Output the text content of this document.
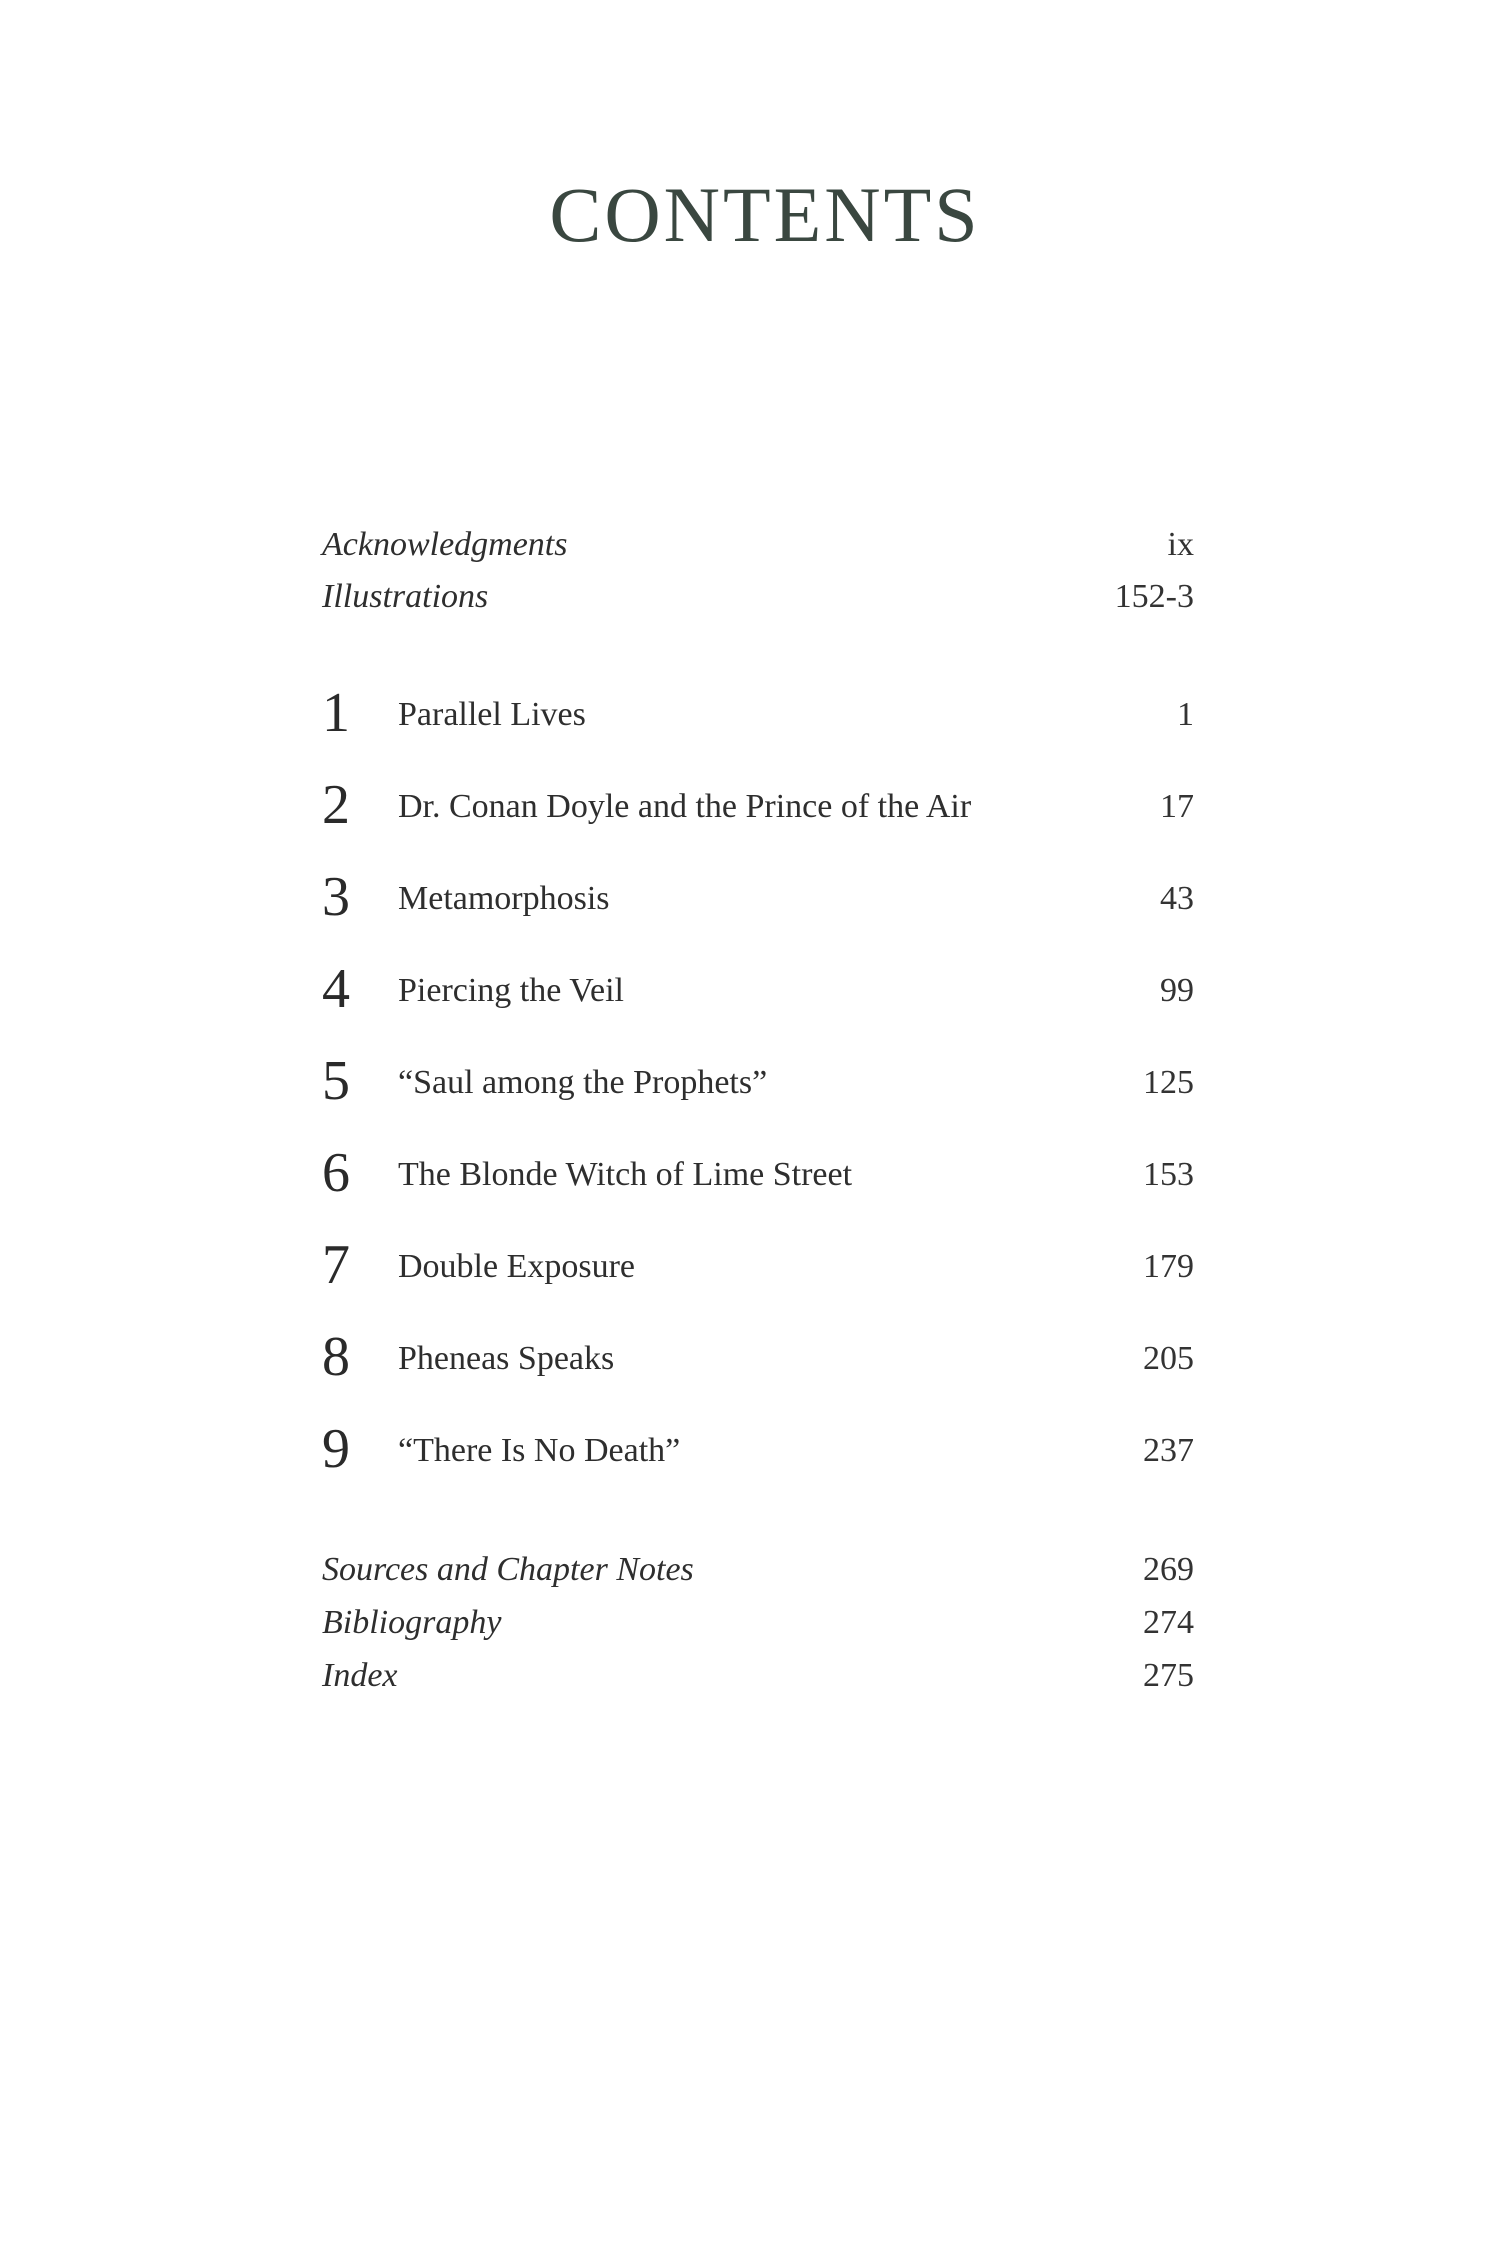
CONTENTS
Acknowledgments	ix
Illustrations	152-3
1 Parallel Lives	1
2 Dr. Conan Doyle and the Prince of the Air	17
3 Metamorphosis	43
4 Piercing the Veil	99
5 “Saul among the Prophets”	125
6 The Blonde Witch of Lime Street	153
7 Double Exposure	179
8 Pheneas Speaks	205
9 “There Is No Death”	237
Sources and Chapter Notes	269
Bibliography	274
Index	275
